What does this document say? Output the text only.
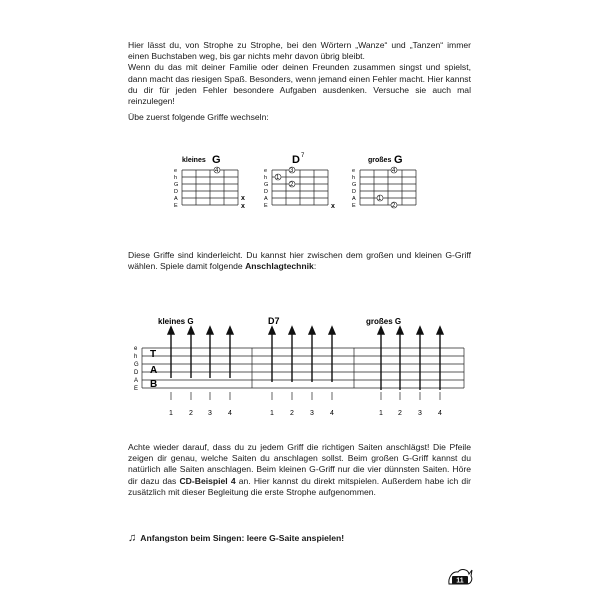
Hier lässt du, von Strophe zu Strophe, bei den Wörtern „Wanze“ und „Tanzen“ immer einen Buchstaben weg, bis gar nichts mehr davon übrig bleibt.
Wenn du das mit deiner Familie oder deinen Freunden zusammen singst und spielst, dann macht das riesigen Spaß. Besonders, wenn jemand einen Fehler macht. Hier kannst du dir für jeden Fehler besondere Aufgaben ausdenken. Versuche sie auch mal reinzulegen!

Übe zuerst folgende Griffe wechseln:

kleines G
e
h
G
D
A
E
4
x
x
D 7
e
h
G
D
A
E
3
1
2
x
großes G
e
h
G
D
A
E
4
1
2

Diese Griffe sind kinderleicht. Du kannst hier zwischen dem großen und kleinen G-Griff wählen. Spiele damit folgende Anschlagtechnik:

kleines G	D7	großes G
e
h
G
D
A
E
T
A
B
1 2 3 4	1 2 3 4	1 2 3 4

Achte wieder darauf, dass du zu jedem Griff die richtigen Saiten anschlägst! Die Pfeile zeigen dir genau, welche Saiten du anschlagen sollst. Beim großen G-Griff kannst du natürlich alle Saiten anschlagen. Beim kleinen G-Griff nur die vier dünnsten Saiten. Höre dir dazu das CD-Beispiel 4 an. Hier kannst du direkt mitspielen. Außerdem habe ich dir zusätzlich mit dieser Begleitung die erste Strophe aufgenommen.

♫ Anfangston beim Singen: leere G-Saite anspielen!
11
